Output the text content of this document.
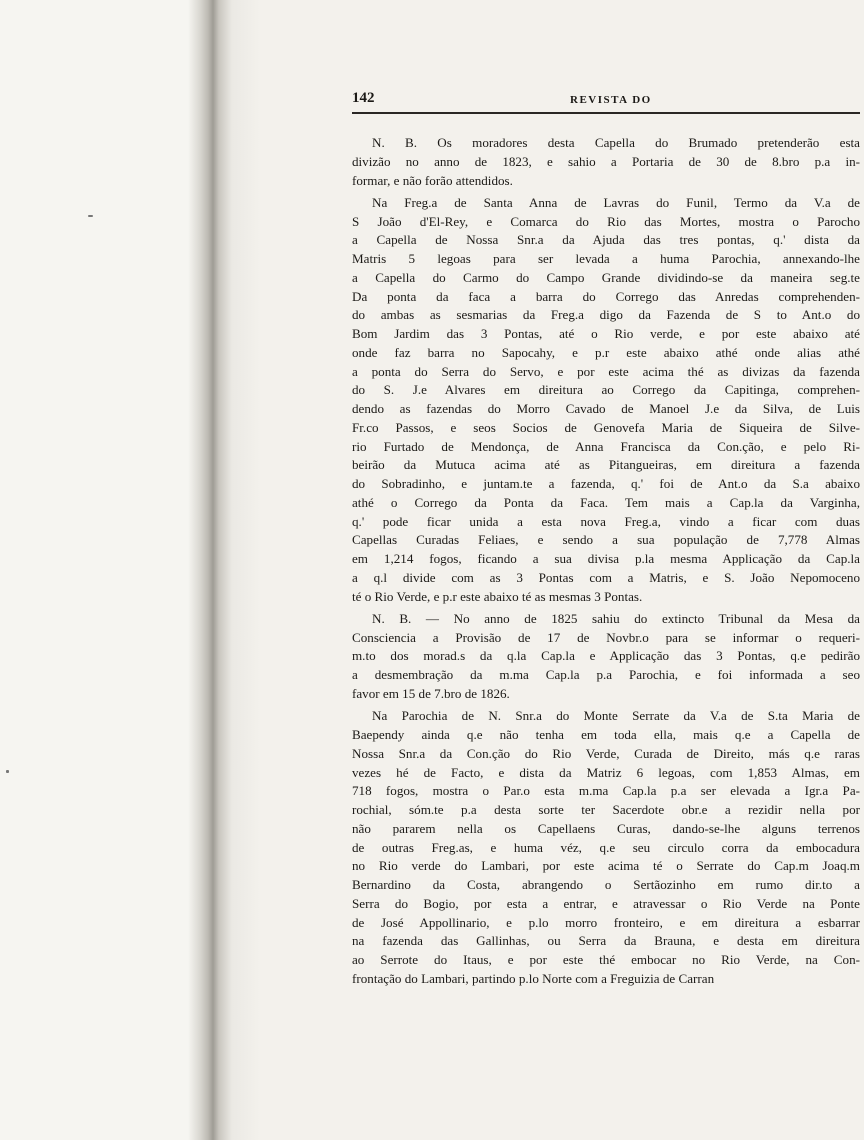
142	REVISTA DO

N. B. Os moradores desta Capella do Brumado pretenderão esta
divizão no anno de 1823, e sahio a Portaria de 30 de 8.bro p.a in-
formar, e não forão attendidos.

Na Freg.a de Santa Anna de Lavras do Funil, Termo da V.a de
S João d'El-Rey, e Comarca do Rio das Mortes, mostra o Parocho
a Capella de Nossa Snr.a da Ajuda das tres pontas, q.' dista da
Matris 5 legoas para ser levada a huma Parochia, annexando-lhe
a Capella do Carmo do Campo Grande dividindo-se da maneira seg.te
Da ponta da faca a barra do Corrego das Anredas comprehenden-
do ambas as sesmarias da Freg.a digo da Fazenda de S to Ant.o do
Bom Jardim das 3 Pontas, até o Rio verde, e por este abaixo até
onde faz barra no Sapocahy, e p.r este abaixo athé onde alias athé
a ponta do Serra do Servo, e por este acima thé as divizas da fazenda
do S. J.e Alvares em direitura ao Corrego da Capitinga, comprehen-
dendo as fazendas do Morro Cavado de Manoel J.e da Silva, de Luis
Fr.co Passos, e seos Socios de Genovefa Maria de Siqueira de Silve-
rio Furtado de Mendonça, de Anna Francisca da Con.ção, e pelo Ri-
beirão da Mutuca acima até as Pitangueiras, em direitura a fazenda
do Sobradinho, e juntam.te a fazenda, q.' foi de Ant.o da S.a abaixo
athé o Corrego da Ponta da Faca. Tem mais a Cap.la da Varginha,
q.' pode ficar unida a esta nova Freg.a, vindo a ficar com duas
Capellas Curadas Feliaes, e sendo a sua população de 7,778 Almas
em 1,214 fogos, ficando a sua divisa p.la mesma Applicação da Cap.la
a q.l divide com as 3 Pontas com a Matris, e S. João Nepomoceno
té o Rio Verde, e p.r este abaixo té as mesmas 3 Pontas.

N. B. — No anno de 1825 sahiu do extincto Tribunal da Mesa da
Consciencia a Provisão de 17 de Novbr.o para se informar o requeri-
m.to dos morad.s da q.la Cap.la e Applicação das 3 Pontas, q.e pedirão
a desmembração da m.ma Cap.la p.a Parochia, e foi informada a seo
favor em 15 de 7.bro de 1826.

Na Parochia de N. Snr.a do Monte Serrate da V.a de S.ta Maria de
Baependy ainda q.e não tenha em toda ella, mais q.e a Capella de
Nossa Snr.a da Con.ção do Rio Verde, Curada de Direito, más q.e raras
vezes hé de Facto, e dista da Matriz 6 legoas, com 1,853 Almas, em
718 fogos, mostra o Par.o esta m.ma Cap.la p.a ser elevada a Igr.a Pa-
rochial, sóm.te p.a desta sorte ter Sacerdote obr.e a rezidir nella por
não pararem nella os Capellaens Curas, dando-se-lhe alguns terrenos
de outras Freg.as, e huma véz, q.e seu circulo corra da embocadura
no Rio verde do Lambari, por este acima té o Serrate do Cap.m Joaq.m
Bernardino da Costa, abrangendo o Sertãozinho em rumo dir.to a
Serra do Bogio, por esta a entrar, e atravessar o Rio Verde na Ponte
de José Appollinario, e p.lo morro fronteiro, e em direitura a esbarrar
na fazenda das Gallinhas, ou Serra da Brauna, e desta em direitura
ao Serrote do Itaus, e por este thé embocar no Rio Verde, na Con-
frontação do Lambari, partindo p.lo Norte com a Freguizia de Carran
